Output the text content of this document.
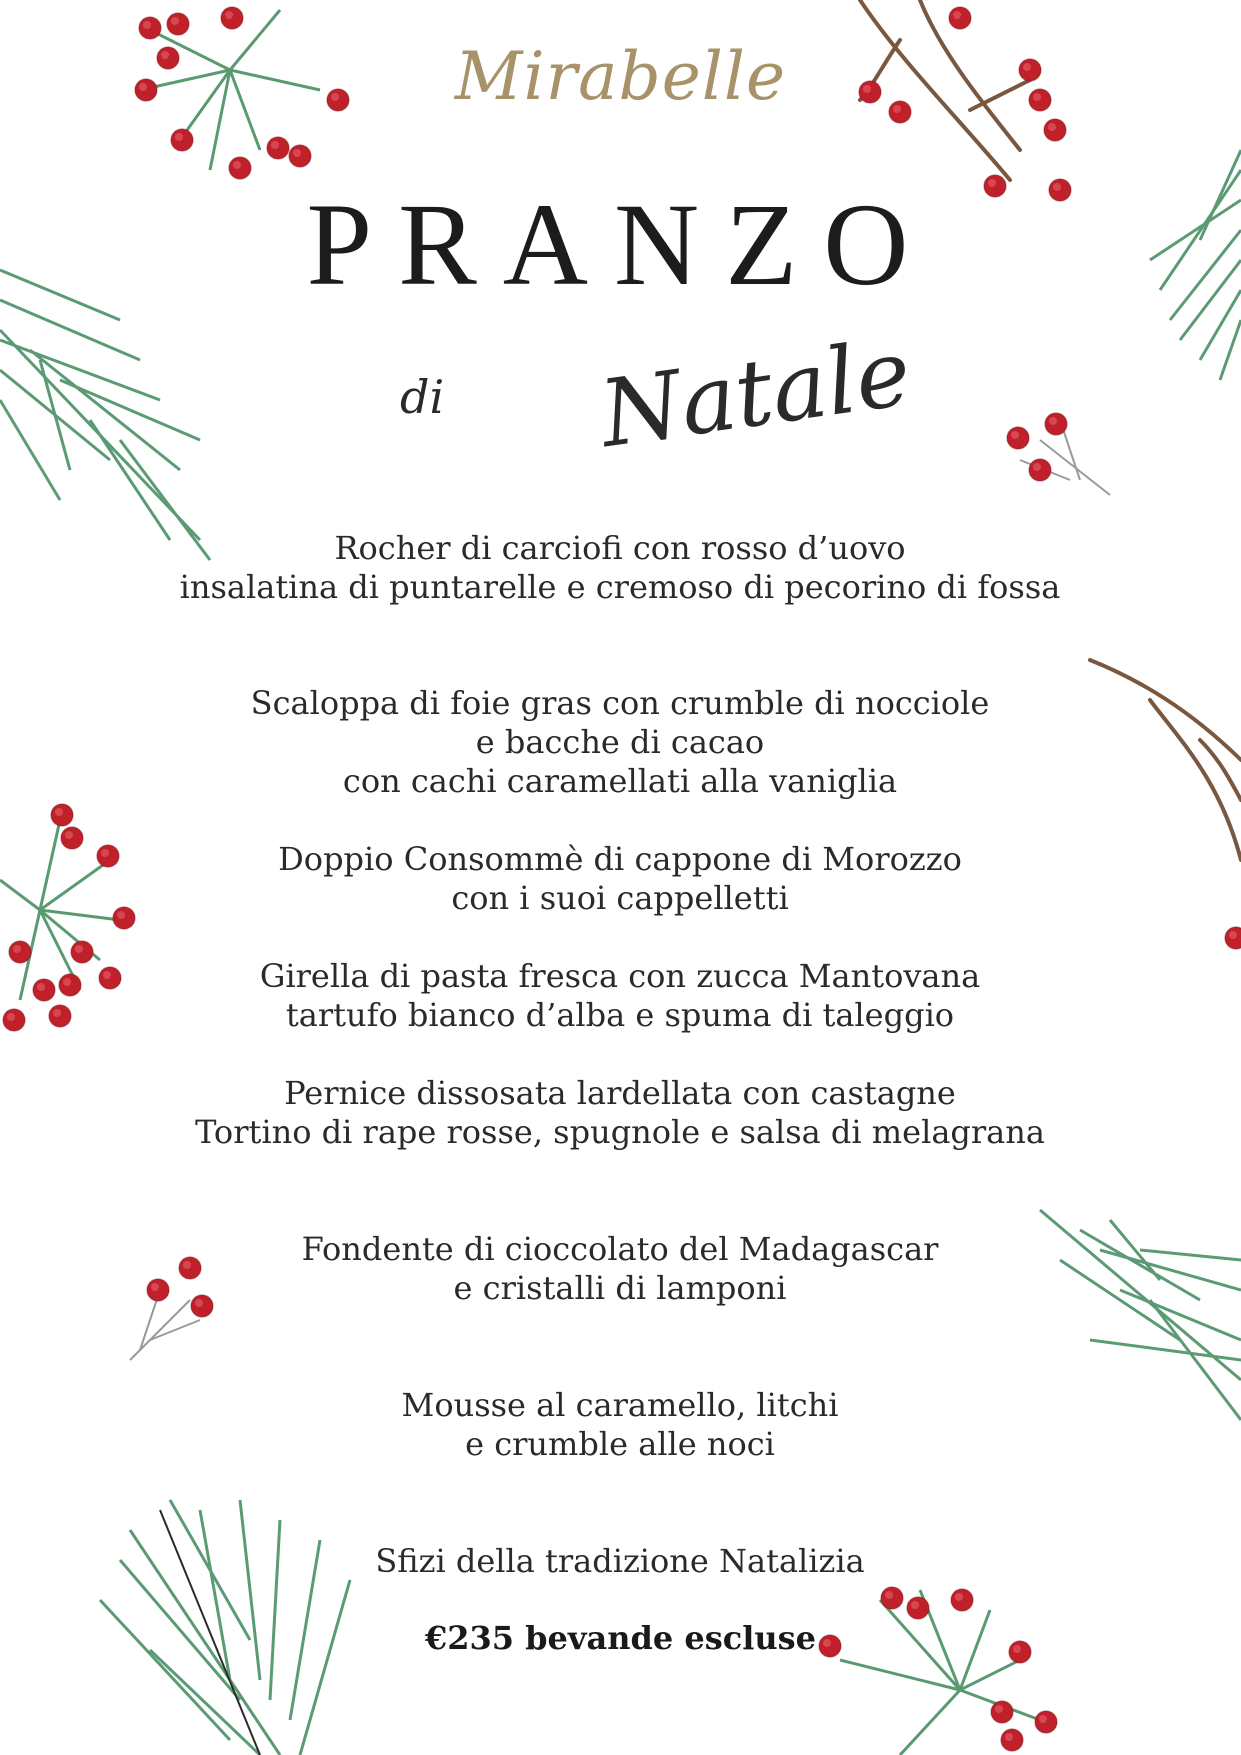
Mirabelle
PRANZO
di Natale
Rocher di carciofi con rosso d’uovo
insalatina di puntarelle e cremoso di pecorino di fossa
Scaloppa di foie gras con crumble di nocciole
e bacche di cacao
con cachi caramellati alla vaniglia
Doppio Consommè di cappone di Morozzo
con i suoi cappelletti
Girella di pasta fresca con zucca Mantovana
tartufo bianco d’alba e spuma di taleggio
Pernice dissosata lardellata con castagne
Tortino di rape rosse, spugnole e salsa di melagrana
Fondente di cioccolato del Madagascar
e cristalli di lamponi
Mousse al caramello, litchi
e crumble alle noci
Sfizi della tradizione Natalizia
€235 bevande escluse
